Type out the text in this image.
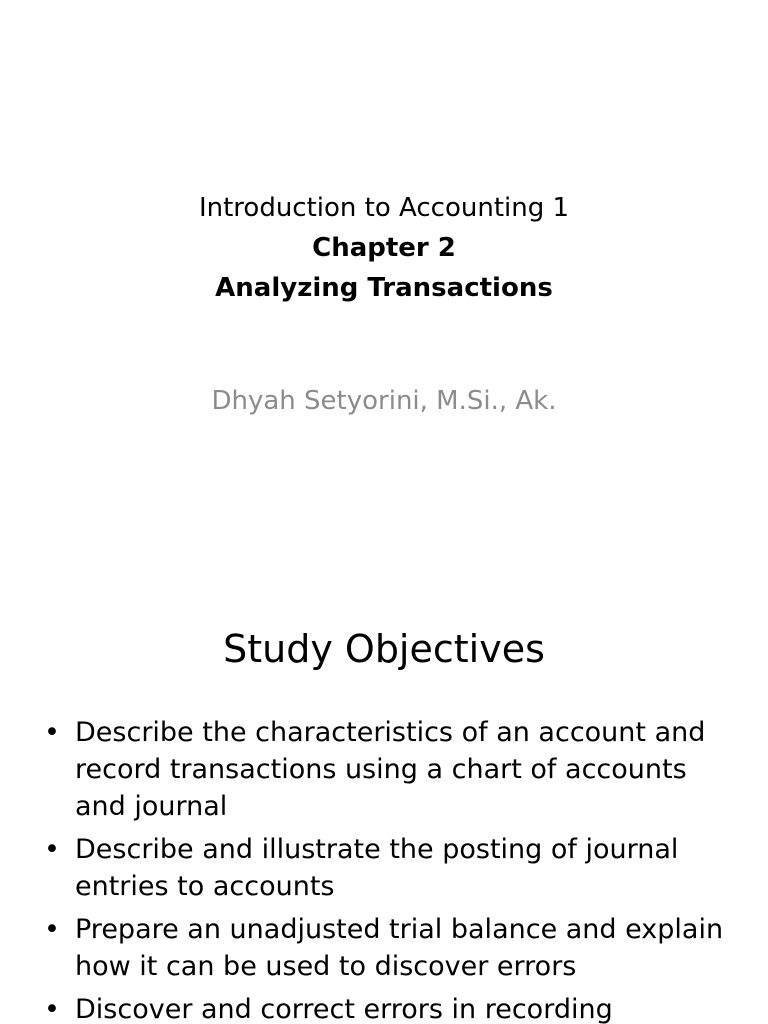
Introduction to Accounting 1
Chapter 2
Analyzing Transactions
Dhyah Setyorini, M.Si., Ak.
Study Objectives
• Describe the characteristics of an account and record transactions using a chart of accounts and journal
• Describe and illustrate the posting of journal entries to accounts
• Prepare an unadjusted trial balance and explain how it can be used to discover errors
• Discover and correct errors in recording
